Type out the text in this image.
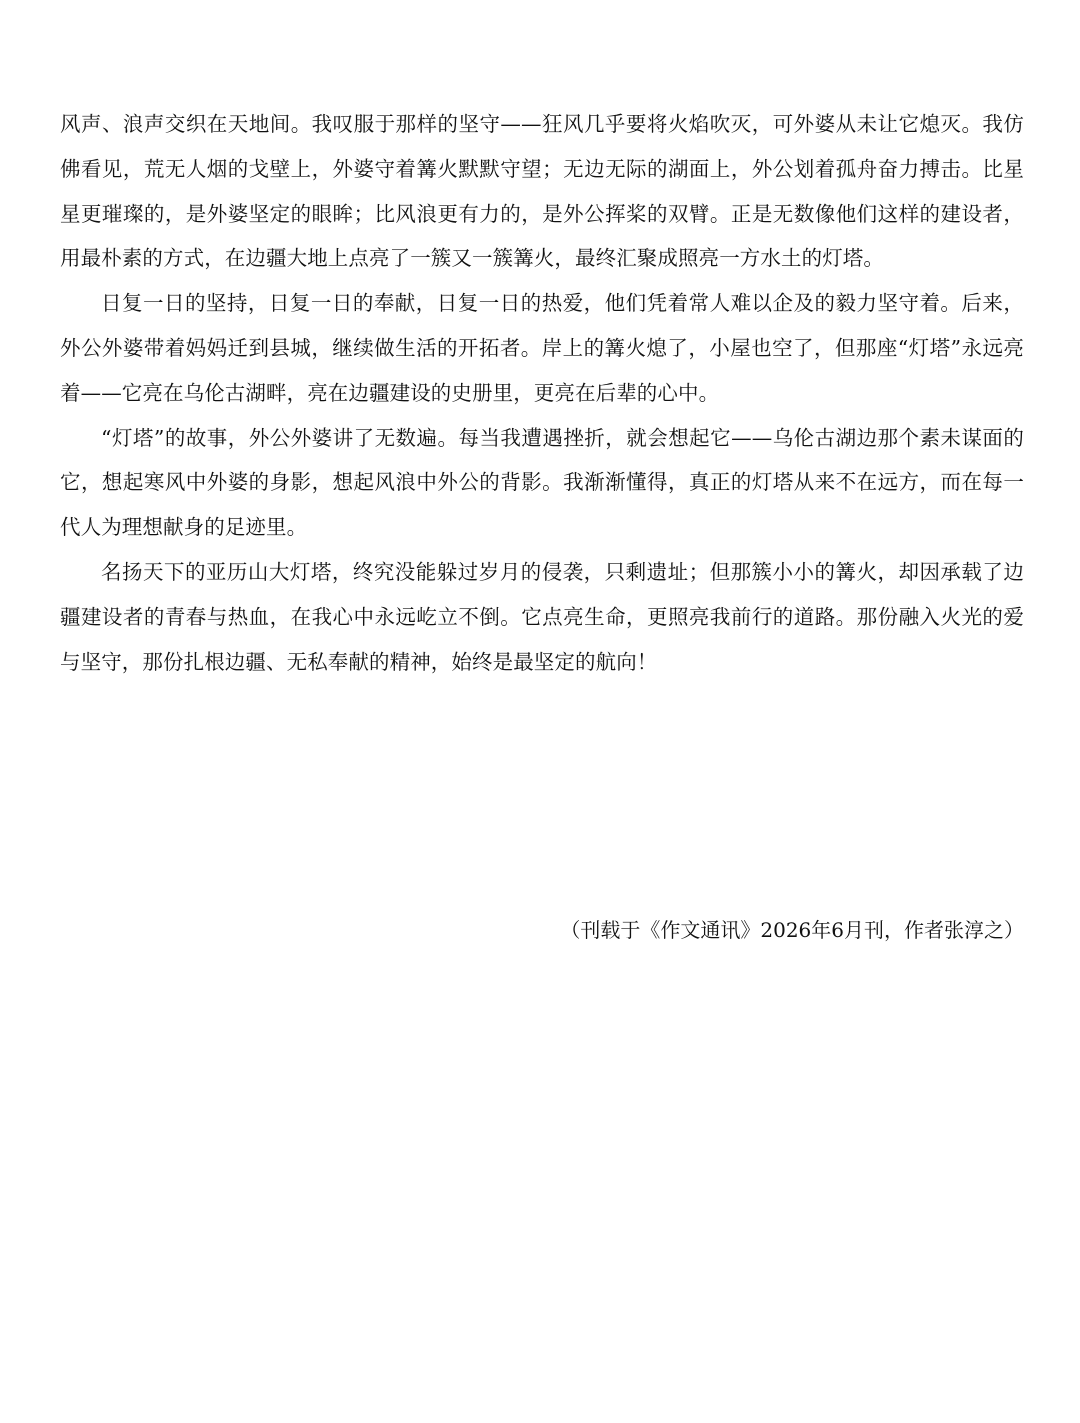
风声、浪声交织在天地间。我叹服于那样的坚守——狂风几乎要将火焰吹灭，可外婆从未让它熄灭。我仿佛看见，荒无人烟的戈壁上，外婆守着篝火默默守望；无边无际的湖面上，外公划着孤舟奋力搏击。比星星更璀璨的，是外婆坚定的眼眸；比风浪更有力的，是外公挥桨的双臂。正是无数像他们这样的建设者，用最朴素的方式，在边疆大地上点亮了一簇又一簇篝火，最终汇聚成照亮一方水土的灯塔。

日复一日的坚持，日复一日的奉献，日复一日的热爱，他们凭着常人难以企及的毅力坚守着。后来，外公外婆带着妈妈迁到县城，继续做生活的开拓者。岸上的篝火熄了，小屋也空了，但那座“灯塔”永远亮着——它亮在乌伦古湖畔，亮在边疆建设的史册里，更亮在后辈的心中。

“灯塔”的故事，外公外婆讲了无数遍。每当我遭遇挫折，就会想起它——乌伦古湖边那个素未谋面的它，想起寒风中外婆的身影，想起风浪中外公的背影。我渐渐懂得，真正的灯塔从来不在远方，而在每一代人为理想献身的足迹里。

名扬天下的亚历山大灯塔，终究没能躲过岁月的侵袭，只剩遗址；但那簇小小的篝火，却因承载了边疆建设者的青春与热血，在我心中永远屹立不倒。它点亮生命，更照亮我前行的道路。那份融入火光的爱与坚守，那份扎根边疆、无私奉献的精神，始终是最坚定的航向！

（刊载于《作文通讯》2026年6月刊，作者张淳之）
